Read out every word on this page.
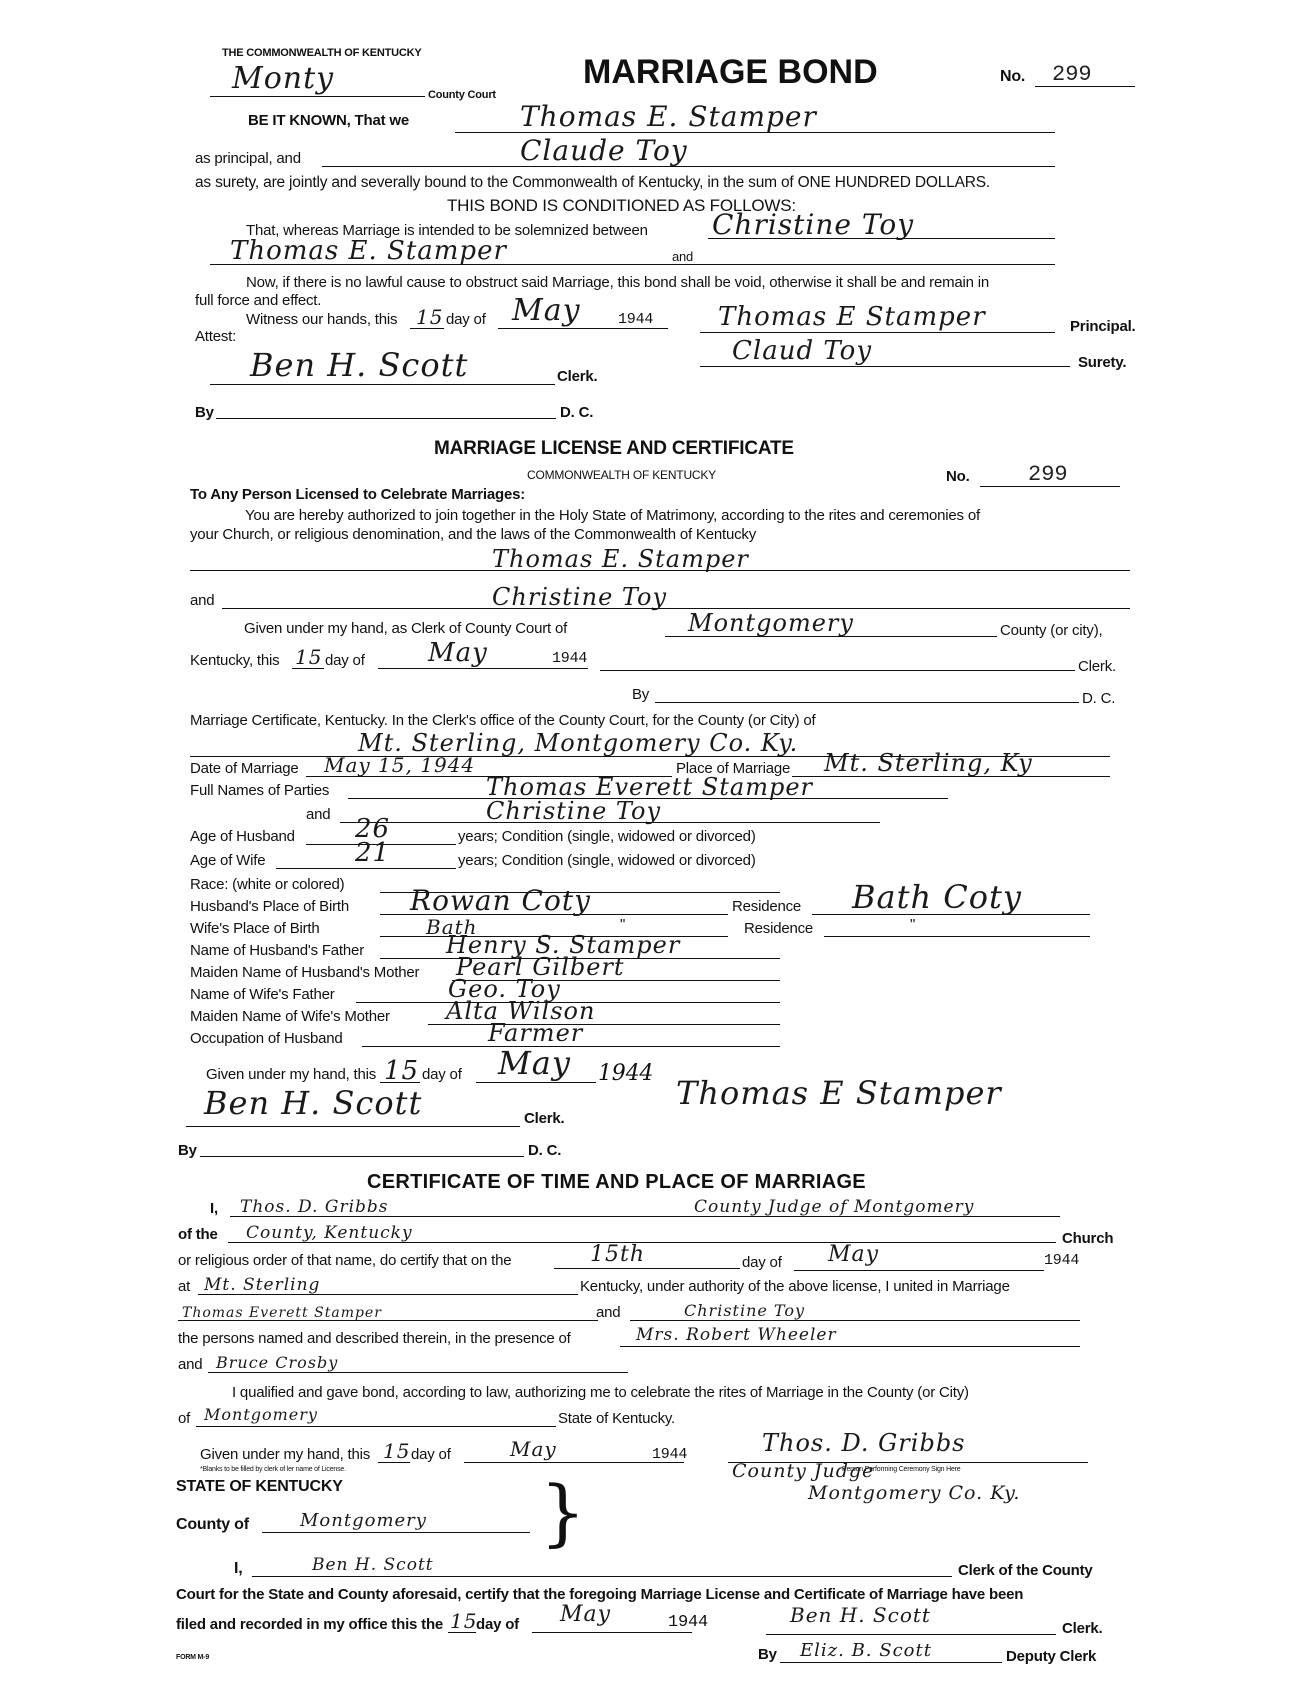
THE COMMONWEALTH OF KENTUCKY	MARRIAGE BOND	No. 299
Monty	County Court
BE IT KNOWN, That we	Thomas E. Stamper
as principal, and	Claude Toy
as surety, are jointly and severally bound to the Commonwealth of Kentucky, in the sum of ONE HUNDRED DOLLARS.
THIS BOND IS CONDITIONED AS FOLLOWS:
That, whereas Marriage is intended to be solemnized between Christine Toy
Thomas E. Stamper	and
Now, if there is no lawful cause to obstruct said Marriage, this bond shall be void, otherwise it shall be and remain in
full force and effect.
Witness our hands, this 15 day of May 1944 Thomas E Stamper	Principal.
Attest:	Claud Toy	Surety.
Ben H. Scott	Clerk.
By	D. C.
MARRIAGE LICENSE AND CERTIFICATE
COMMONWEALTH OF KENTUCKY	No.	299
To Any Person Licensed to Celebrate Marriages:
You are hereby authorized to join together in the Holy State of Matrimony, according to the rites and ceremonies of
your Church, or religious denomination, and the laws of the Commonwealth of Kentucky
Thomas E. Stamper
and	Christine Toy
Given under my hand, as Clerk of County Court of	Montgomery	County (or city),
Kentucky, this 15 day of May	1944	Clerk.
By	D. C.
Marriage Certificate, Kentucky. In the Clerk's office of the County Court, for the County (or City) of
Mt. Sterling, Montgomery Co. Ky.
Date of Marriage May 15, 1944	Place of Marriage Mt. Sterling, Ky
Full Names of Parties	Thomas Everett Stamper
and	Christine Toy
Age of Husband 26	years; Condition (single, widowed or divorced)
Age of Wife	21	years; Condition (single, widowed or divorced)
Race: (white or colored)
Husband's Place of Birth Rowan Coty	Residence Bath Coty
Wife's Place of Birth	Bath	"	Residence	"
Name of Husband's Father	Henry S. Stamper
Maiden Name of Husband's Mother Pearl Gilbert
Name of Wife's Father	Geo. Toy
Maiden Name of Wife's Mother Alta Wilson
Occupation of Husband	Farmer
Given under my hand, this 15 day of May 1944
Thomas E Stamper
Ben H. Scott	Clerk.
By	D. C.
CERTIFICATE OF TIME AND PLACE OF MARRIAGE
I, Thos. D. Gribbs	County Judge of Montgomery
of the County, Kentucky	Church
or religious order of that name, do certify that on the	15th	day of May	1944
at Mt. Sterling	Kentucky, under authority of the above license, I united in Marriage
Thomas Everett Stamper	and	Christine Toy
the persons named and described therein, in the presence of	Mrs. Robert Wheeler
and Bruce Crosby
I qualified and gave bond, according to law, authorizing me to celebrate the rites of Marriage in the County (or City)
of Montgomery	State of Kentucky.
Given under my hand, this 15 day of	May	1944
*Blanks to be filled by clerk of ler name of License.
Thos. D. Gribbs
Person Performing Ceremony Sign Here
County Judge
Montgomery Co. Ky.
STATE OF KENTUCKY
County of	Montgomery }
I,	Ben H. Scott	Clerk of the County
Court for the State and County aforesaid, certify that the foregoing Marriage License and Certificate of Marriage have been
filed and recorded in my office this the 15
day of May	1944	Ben H. Scott
Clerk.
By Eliz. B. Scott	Deputy Clerk
FORM M-9
